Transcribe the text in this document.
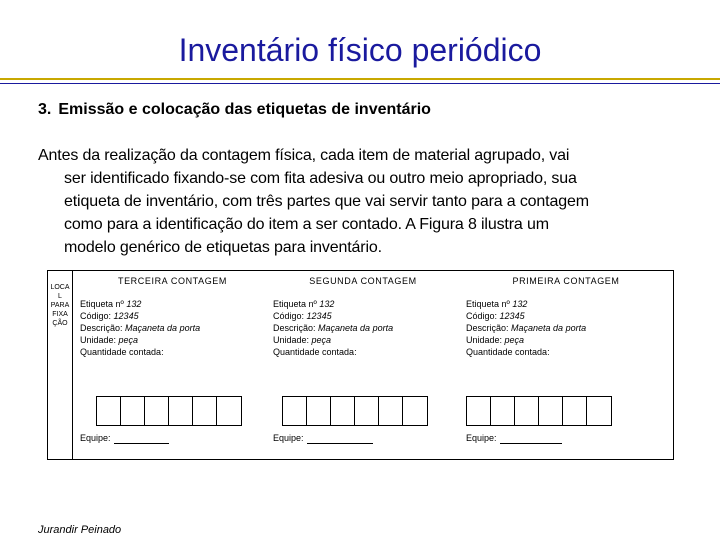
Inventário físico periódico
3. Emissão e colocação das etiquetas de inventário
Antes da realização da contagem física, cada item de material agrupado, vai
ser identificado fixando-se com fita adesiva ou outro meio apropriado, sua
etiqueta de inventário, com três partes que vai servir tanto para a contagem
como para a identificação do item a ser contado. A Figura 8 ilustra um
modelo genérico de etiquetas para inventário.
LOCA
L
PARA
FIXA
ÇÃO
TERCEIRA CONTAGEM
Etiqueta nº 132
Código: 12345
Descrição: Maçaneta da porta
Unidade: peça
Quantidade contada:
Equipe:
SEGUNDA CONTAGEM
Etiqueta nº 132
Código: 12345
Descrição: Maçaneta da porta
Unidade: peça
Quantidade contada:
Equipe:
PRIMEIRA CONTAGEM
Etiqueta nº 132
Código: 12345
Descrição: Maçaneta da porta
Unidade: peça
Quantidade contada:
Equipe:
Jurandir Peinado
